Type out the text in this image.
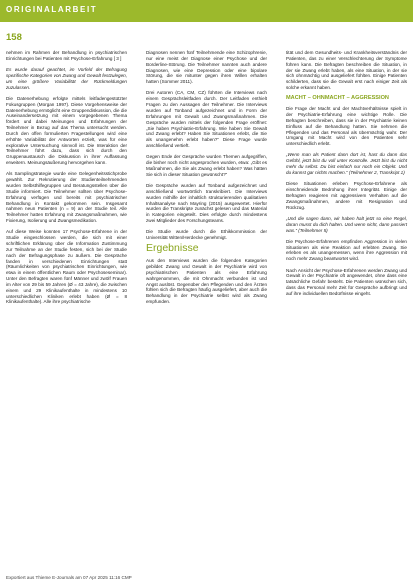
ORIGINALARBEIT
158

nehmen im Rahmen der Behandlung in psychiatrischen Einrichtungen bei Patienten mit Psychose-Erfahrung [ 3 ]

Es wurde darauf geachtet, im Vorfeld der Befragung spezifische Kategorien von Zwang und Gewalt festzulegen, um eine größere Variabilität der Rückmeldungen zuzulassen.

Die Datenerhebung erfolgte mittels leitfadengestützter Fokusgruppen (Morgan 1997). Diese Vorgehensweise der Datenerhebung ermöglicht eine Gruppendiskussion, die die Auseinandersetzung mit einem vorgegebenen Thema fördert und dabei Meinungen und Erfahrungen der Teilnehmer in Bezug auf das Thema untersucht werden. Durch den offen formulierten Fragestellungen wird eine erhöhte Variabilität der Antworten erzielt, was für eine explorative Untersuchung sinnvoll ist. Die Interaktion der Teilnehmer führt dazu, dass sich durch den Gruppenaustausch die Diskussion in ihrer Auffassung erweitern. Meinungsäußerung hervorgehen kann.

Als Samplingstrategie wurde eine Gelegenheitsstichprobe gewählt. Zur Rekrutierung der Studienteilnehmenden wurden Selbsthilfegruppen und Beratungsstellen über die Studie informiert. Die Teilnehmer sollten über Psychose-Erfahrung verfügen und bereits mit psychiatrischer Behandlung in Kontakt gekommen sein. Insgesamt nahmen neun Patienten (n = 9) an der Studie teil. Alle Teilnehmer hatten Erfahrung mit Zwangsmaßnahmen, wie Fixierung, Isolierung und Zwangsmedikation.

Auf diese Weise konnten 17 Psychose-Erfahrene in der Studie eingeschlossen werden, die sich mit einer schriftlichen Erklärung über die Information Zustimmung zur Teilnahme an der Studie festen, sich bei der Studie nach der Befragungsphase zu äußern. Die Gespräche fanden in verschiedenen Einrichtungen statt (Räumlichkeiten von psychiatrischen Einrichtungen, wie etwa in einem öffentlichen Raum oder Psychoseseminar). Unter den Befragten waren fünf Männer und zwölf Frauen im Alter von 29 bis 59 Jahren (Ø = 43 Jahre), die zwischen einem und 29 Klinikaufenthalte in mindestens 10 unterschiedlichen Kliniken erlebt haben (Ø = 8 Klinikaufenthalte). Alle ihre psychiatrische

Diagnosen nennen fünf Teilnehmende eine Schizophrenie, nur eine meist der Diagnose einer Psychose und der Borderline-Störung. Die Teilnehmer nannten auch andere Diagnosen, wie eine Depression oder eine bipolare Störung, die sie mitunter gegen ihren Willen erhalten hatten (Sommer 2011).

Drei Autoren (CA, CM, CZ) führten die Interviews nach einem Gesprächsleitfaden durch. Der Leitfaden enthielt Fragen zu den Aussagen der Teilnehmer. Die Interviews wurden auf Tonband aufgezeichnet und in Form der Erfahrungen mit Gewalt und Zwangsmaßnahmen. Die Gespräche wurden mittels der folgenden Frage eröffnet: „Sie haben Psychiatrie-Erfahrung. Wie haben Sie Gewalt und Zwang erlebt? Haben Sie Situationen erlebt, die Sie als unangenehm erlebt haben?“ Diese Frage wurde anschließend vertieft.

Gegen Ende der Gespräche wurden Themen aufgegriffen, die bisher noch nicht angesprochen wurden, etwa: „Gibt es Maßnahmen, die Sie als Zwang erlebt haben? Was hätten Sie sich in dieser Situation gewünscht?“

Die Gespräche wurden auf Tonband aufgezeichnet und anschließend wortwörtlich transkribiert. Die Interviews wurden mithilfe der inhaltlich strukturierenden qualitativen Inhaltsanalyse nach Mayring (2015) ausgewertet. Hierfür wurden die Transkripte zunächst gelesen und das Material in Kategorien eingeteilt. Dies erfolgte durch mindestens zwei Mitglieder des Forschungsteams.

Die Studie wurde durch die Ethikkommission der Universität Witten/Herdecke genehmigt.

Ergebnisse

Aus den Interviews wurden die folgenden Kategorien gebildet: Zwang und Gewalt in der Psychiatrie wird von psychiatrischen Patienten als eine Erfahrung wahrgenommen, die mit Ohnmacht verbunden ist und Angst auslöst. Gegenüber den Pflegenden und den Ärzten fühlen sich die Befragten häufig ausgeliefert, aber auch die Behandlung in der Psychiatrie selbst wird als Zwang empfunden.

tität und dem Gesundheits- und Krankheitsverständnis der Patienten, das zu einer Verschlechterung der Symptome führen kann. Die Befragten beschreiben die Situation, in der sie Zwang erlebt haben, als eine Situation, in der sie sich ohnmächtig und ausgeliefert fühlten. Einige Patienten schilderten, dass sie die Gewalt erst nach einiger Zeit als solche erkannt haben.

MACHT – OHNMACHT – AGGRESSION

Die Frage der Macht und der Machtverhältnisse spielt in der Psychiatrie-Erfahrung eine wichtige Rolle. Die Befragten beschreiben, dass sie in der Psychiatrie keinen Einfluss auf die Behandlung hatten. Sie nehmen die Pflegenden und das Personal als übermächtig wahr. Der Umgang mit Macht wird von den Patienten sehr unterschiedlich erlebt.

„Wenn man als Patient dann dort ist, hast du dann das Gefühl, jetzt bist du voll unter Kontrolle. Jetzt bist du nicht mehr du selbst. Du bist einfach nur noch ein Objekt. Und du kannst gar nichts machen.“ (Teilnehmer 2, Transkript 1)

Diese Situationen erleben Psychose-Erfahrene als einschneidende Bedrohung ihrer Integrität. Einige der Befragten reagieren mit aggressivem Verhalten auf die Zwangsmaßnahmen, andere mit Resignation und Rückzug.

„Und die sagen dann, wir haben halt jetzt so eine Regel, daran musst du dich halten. Und wenn nicht, dann passiert was.“ (Teilnehmer 5)

Die Psychose-Erfahrenen empfinden Aggression in vielen Situationen als eine Reaktion auf erlebten Zwang. Sie erleben es als unangemessen, wenn ihre Aggression mit noch mehr Zwang beantwortet wird.

Nach Ansicht der Psychose-Erfahrenen werden Zwang und Gewalt in der Psychiatrie oft angewendet, ohne dass eine tatsächliche Gefahr besteht. Die Patienten wünschen sich, dass das Personal mehr Zeit für Gespräche aufbringt und auf ihre individuellen Bedürfnisse eingeht.

Exportiert aus Thieme E-Journals am 07 Apr 2025 11:16 CMP
